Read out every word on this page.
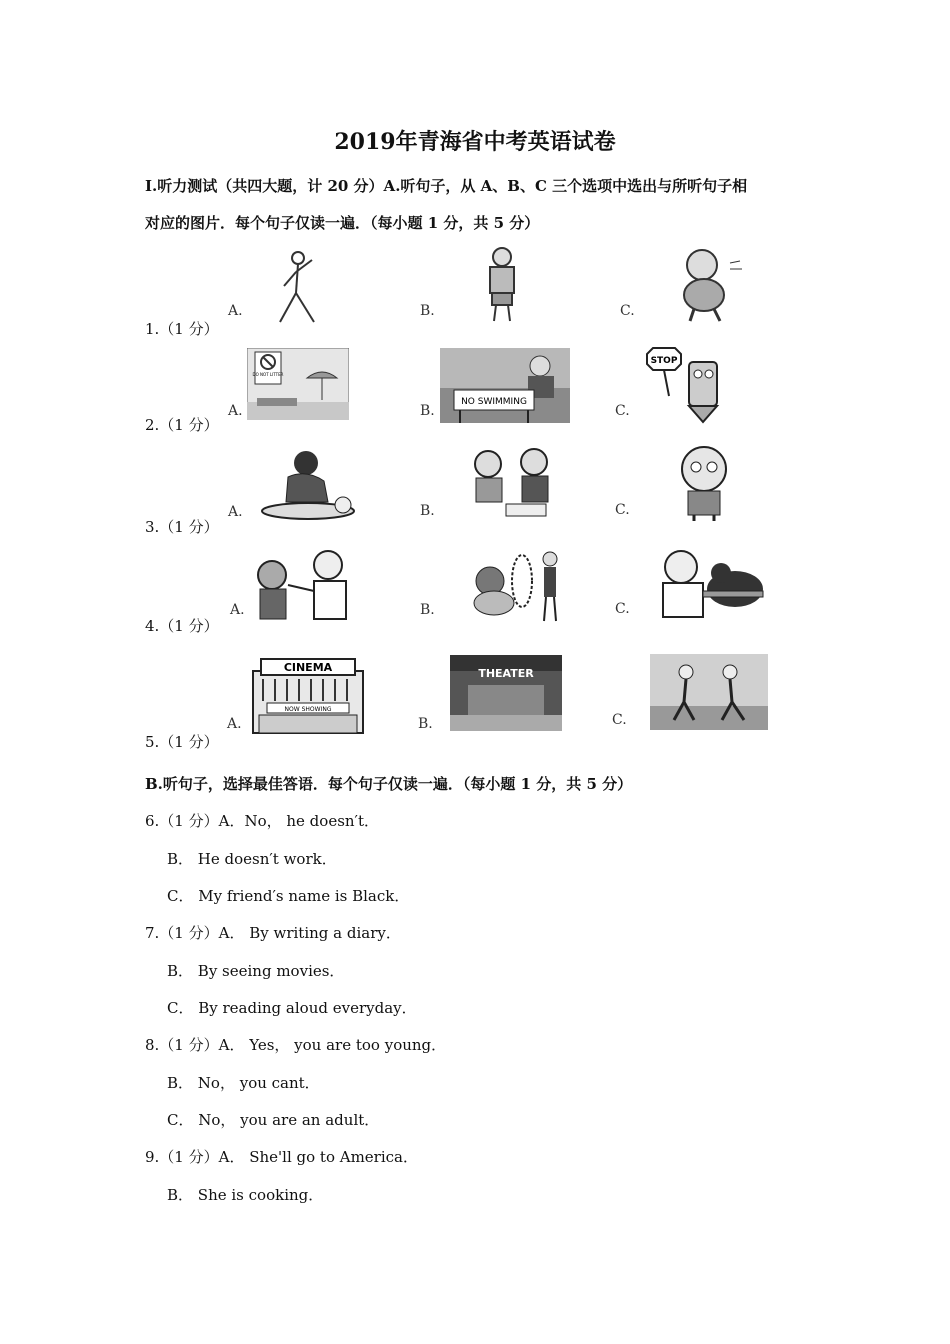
2019年青海省中考英语试卷
Ⅰ.听力测试（共四大题，计 20 分）A.听句子，从 A、B、C 三个选项中选出与所听句子相
对应的图片．每个句子仅读一遍．（每小题 1 分，共 5 分）
1.（1 分）
A.	B.	C.
2.（1 分）
A.
DO NOT LITTER
B.
NO SWIMMING
C.
STOP
3.（1 分）
A.	B.	C.
4.（1 分）
A.	B.	C.
5.（1 分）
A.
CINEMA
NOW SHOWING
B.
THEATER
C.
B.听句子，选择最佳答语．每个句子仅读一遍．（每小题 1 分，共 5 分）
6.（1 分）A．No， he doesn′t．
B． He doesn′t work．
C． My friend′s name is Black．
7.（1 分）A． By writing a diary．
B． By seeing movies．
C． By reading aloud everyday．
8.（1 分）A． Yes， you are too young．
B． No， you cant．
C． No， you are an adult．
9.（1 分）A． She'll go to America．
B． She is cooking．
